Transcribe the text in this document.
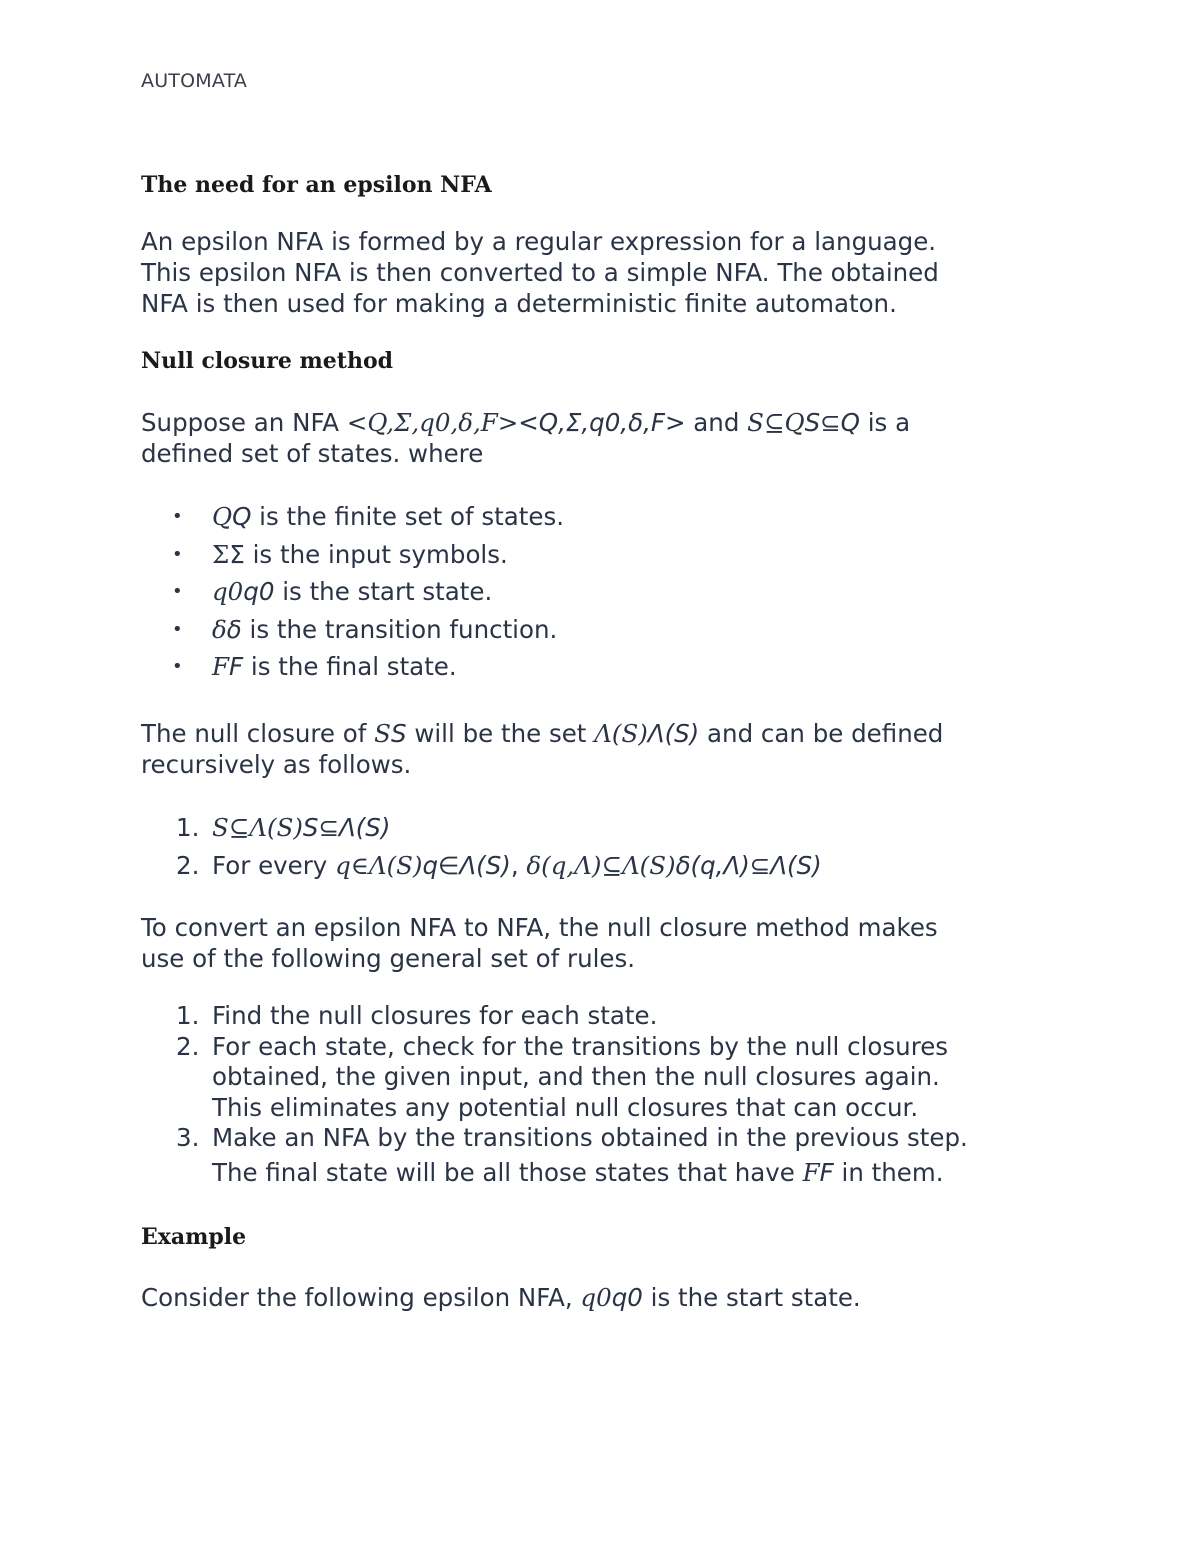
AUTOMATA
The need for an epsilon NFA
An epsilon NFA is formed by a regular expression for a language.
This epsilon NFA is then converted to a simple NFA. The obtained
NFA is then used for making a deterministic finite automaton.
Null closure method
Suppose an NFA <Q,Σ,q0,δ,F><Q,Σ,q0,δ,F> and S⊆QS⊆Q is a
defined set of states. where
• QQ is the finite set of states.
• ΣΣ is the input symbols.
• q0q0 is the start state.
• δδ is the transition function.
• FF is the final state.
The null closure of SS will be the set Λ(S)Λ(S) and can be defined
recursively as follows.
1. S⊆Λ(S)S⊆Λ(S)
2. For every q∈Λ(S)q∈Λ(S), δ(q,Λ)⊆Λ(S)δ(q,Λ)⊆Λ(S)
To convert an epsilon NFA to NFA, the null closure method makes
use of the following general set of rules.
1. Find the null closures for each state.
2. For each state, check for the transitions by the null closures
obtained, the given input, and then the null closures again.
This eliminates any potential null closures that can occur.
3. Make an NFA by the transitions obtained in the previous step.
The final state will be all those states that have FF in them.
Example
Consider the following epsilon NFA, q0q0 is the start state.
